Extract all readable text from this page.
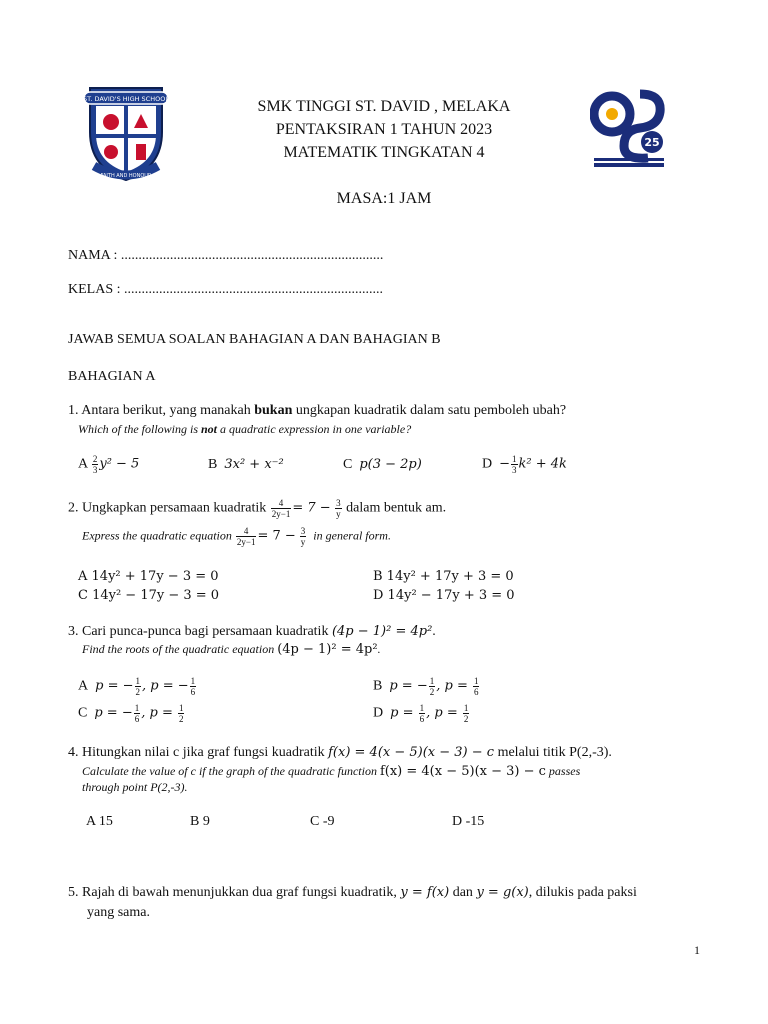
ST. DAVID'S HIGH SCHOOL
FAITH AND HONOUR
25
SMK TINGGI ST. DAVID , MELAKA
PENTAKSIRAN 1 TAHUN 2023
MATEMATIK TINGKATAN 4
MASA:1 JAM
NAMA : ...........................................................................
KELAS : ..........................................................................
JAWAB SEMUA SOALAN BAHAGIAN A DAN BAHAGIAN B
BAHAGIAN A
1. Antara berikut, yang manakah bukan ungkapan kuadratik dalam satu pemboleh ubah?
Which of the following is not a quadratic expression in one variable?
A $\frac{2}{3} y^2 - 5$	B 3x² + x⁻²	C p(3 − 2p)	$D - \frac{1}{3} k^2 + 4k$
2. Ungkapkan persamaan kuadratik $\frac{4}{2y-1} = 7 - \frac{3}{y}$ dalam bentuk am.
Express the quadratic equation $\frac{4}{2y-1} = 7 - \frac{3}{y}$ in general form.
A 14y² + 17y − 3 = 0	B 14y² + 17y + 3 = 0
C 14y² − 17y − 3 = 0	D 14y² − 17y + 3 = 0
3. Cari punca-punca bagi persamaan kuadratik (4p − 1)² = 4p².
Find the roots of the quadratic equation (4p − 1)² = 4p².
A p = − $\frac{1}{2}$ , p = − $\frac{1}{6}$	B p = − $\frac{1}{2}$ , $p = \frac{1}{6}$
C p = − $\frac{1}{6}$ , $p = \frac{1}{2}$	D $p = \frac{1}{6}$ , $p = \frac{1}{2}$
4. Hitungkan nilai c jika graf fungsi kuadratik f(x) = 4(x − 5)(x − 3) − c melalui titik P(2,-3).
Calculate the value of c if the graph of the quadratic function f(x) = 4(x − 5)(x − 3) − c passes
through point P(2,-3).
A 15	B 9	C -9	D -15
5. Rajah di bawah menunjukkan dua graf fungsi kuadratik, y = f(x) dan y = g(x), dilukis pada paksi
yang sama.
1
